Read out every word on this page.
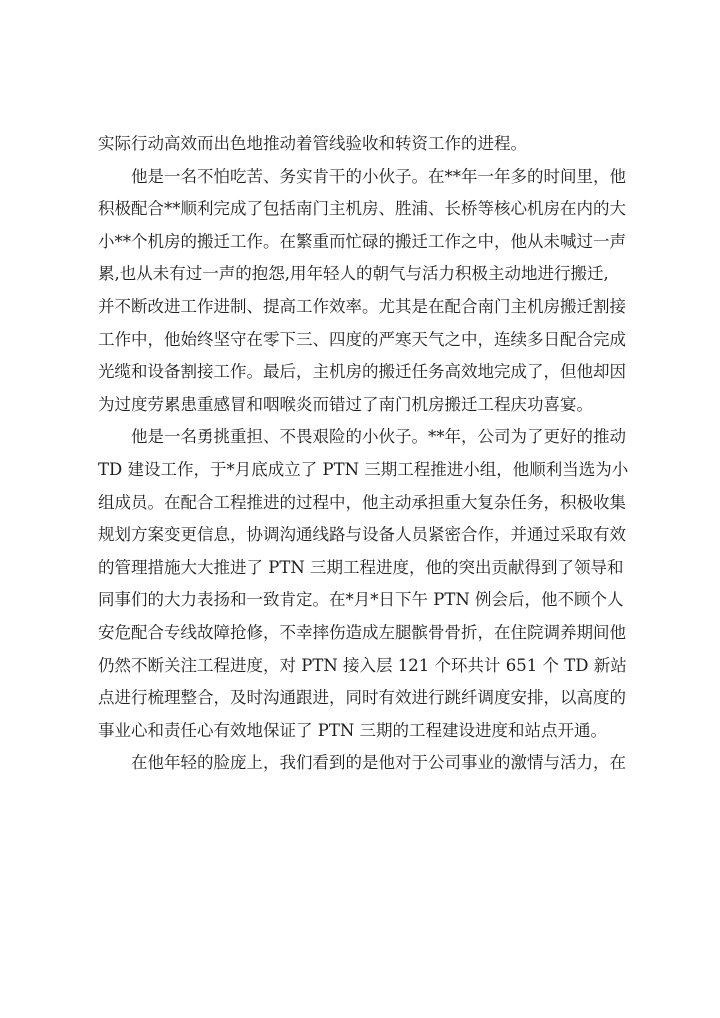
实际行动高效而出色地推动着管线验收和转资工作的进程。
他是一名不怕吃苦、务实肯干的小伙子。在**年一年多的时间里，他
积极配合**顺利完成了包括南门主机房、胜浦、长桥等核心机房在内的大
小**个机房的搬迁工作。在繁重而忙碌的搬迁工作之中，他从未喊过一声
累,也从未有过一声的抱怨,用年轻人的朝气与活力积极主动地进行搬迁,
并不断改进工作进制、提高工作效率。尤其是在配合南门主机房搬迁割接
工作中，他始终坚守在零下三、四度的严寒天气之中，连续多日配合完成
光缆和设备割接工作。最后，主机房的搬迁任务高效地完成了，但他却因
为过度劳累患重感冒和咽喉炎而错过了南门机房搬迁工程庆功喜宴。
他是一名勇挑重担、不畏艰险的小伙子。**年，公司为了更好的推动
TD 建设工作，于*月底成立了 PTN 三期工程推进小组，他顺利当选为小
组成员。在配合工程推进的过程中，他主动承担重大复杂任务，积极收集
规划方案变更信息，协调沟通线路与设备人员紧密合作，并通过采取有效
的管理措施大大推进了 PTN 三期工程进度，他的突出贡献得到了领导和
同事们的大力表扬和一致肯定。在*月*日下午 PTN 例会后，他不顾个人
安危配合专线故障抢修，不幸摔伤造成左腿髌骨骨折，在住院调养期间他
仍然不断关注工程进度，对 PTN 接入层 121 个环共计 651 个 TD 新站
点进行梳理整合，及时沟通跟进，同时有效进行跳纤调度安排，以高度的
事业心和责任心有效地保证了 PTN 三期的工程建设进度和站点开通。
在他年轻的脸庞上，我们看到的是他对于公司事业的激情与活力，在
